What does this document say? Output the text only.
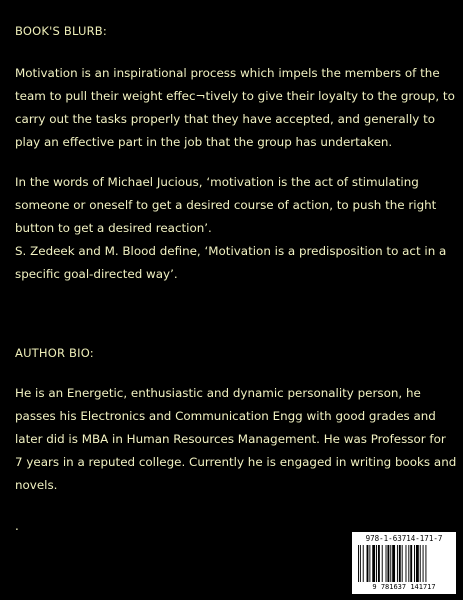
BOOK'S BLURB:
Motivation is an inspirational process which impels the members of the
team to pull their weight effec¬tively to give their loyalty to the group, to
carry out the tasks properly that they have accepted, and generally to
play an effective part in the job that the group has undertaken.
In the words of Michael Jucious, ‘motivation is the act of stimulating
someone or oneself to get a desired course of action, to push the right
button to get a desired reaction’.
S. Zedeek and M. Blood define, ‘Motivation is a predisposition to act in a
specific goal-directed way’.
AUTHOR BIO:
He is an Energetic, enthusiastic and dynamic personality person, he
passes his Electronics and Communication Engg with good grades and
later did is MBA in Human Resources Management. He was Professor for
7 years in a reputed college. Currently he is engaged in writing books and
novels.
.
978-1-63714-171-7
9 781637 141717
